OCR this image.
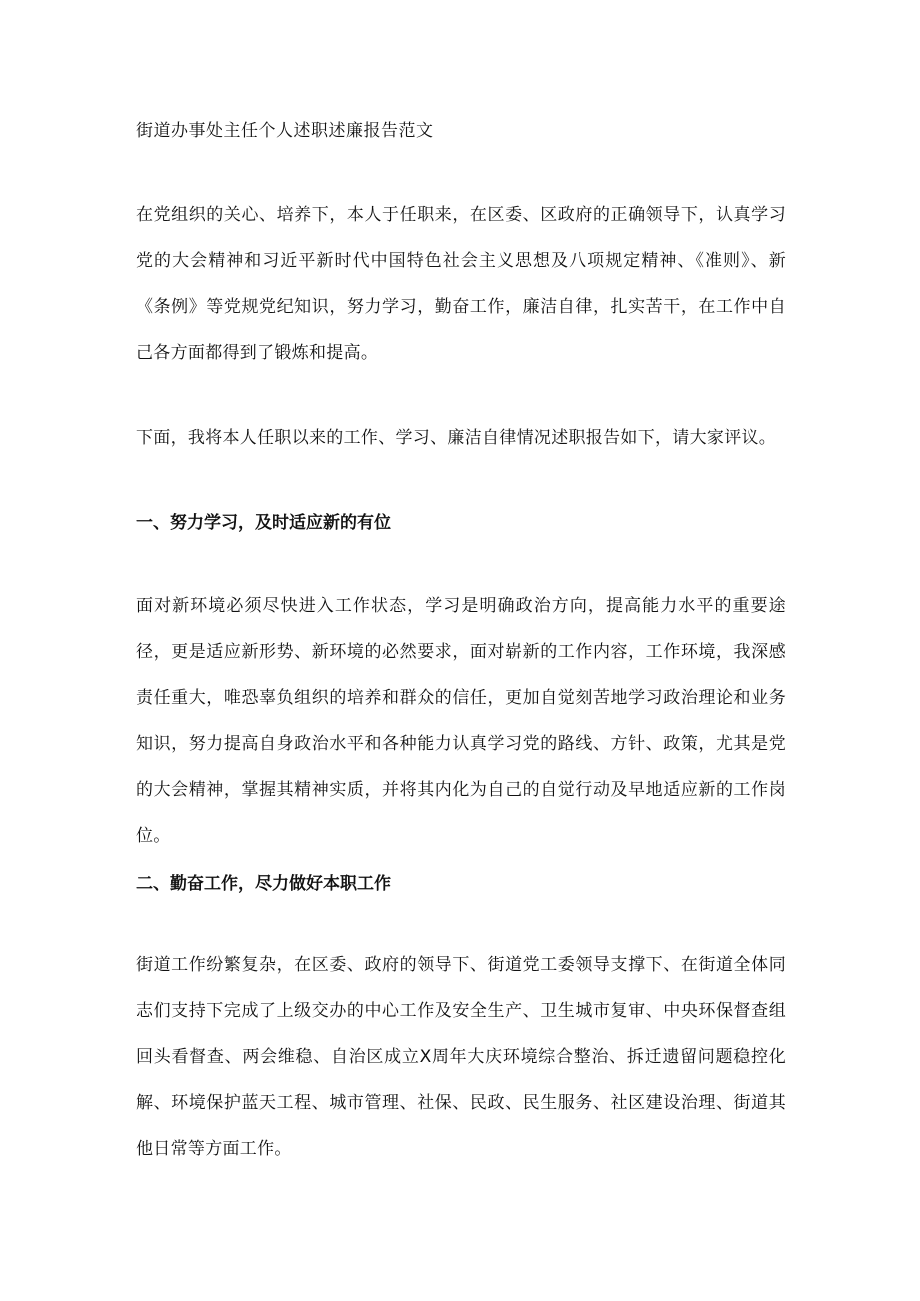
街道办事处主任个人述职述廉报告范文
在党组织的关心、培养下，本人于任职来，在区委、区政府的正确领导下，认真学习党的大会精神和习近平新时代中国特色社会主义思想及八项规定精神、《准则》、新《条例》等党规党纪知识，努力学习，勤奋工作，廉洁自律，扎实苦干，在工作中自己各方面都得到了锻炼和提高。
下面，我将本人任职以来的工作、学习、廉洁自律情况述职报告如下，请大家评议。
一、努力学习，及时适应新的有位
面对新环境必须尽快进入工作状态，学习是明确政治方向，提高能力水平的重要途径，更是适应新形势、新环境的必然要求，面对崭新的工作内容，工作环境，我深感责任重大，唯恐辜负组织的培养和群众的信任，更加自觉刻苦地学习政治理论和业务知识，努力提高自身政治水平和各种能力认真学习党的路线、方针、政策，尤其是党的大会精神，掌握其精神实质，并将其内化为自己的自觉行动及早地适应新的工作岗位。
二、勤奋工作，尽力做好本职工作
街道工作纷繁复杂，在区委、政府的领导下、街道党工委领导支撑下、在街道全体同志们支持下完成了上级交办的中心工作及安全生产、卫生城市复审、中央环保督查组回头看督查、两会维稳、自治区成立X周年大庆环境综合整治、拆迁遗留问题稳控化解、环境保护蓝天工程、城市管理、社保、民政、民生服务、社区建设治理、街道其他日常等方面工作。
